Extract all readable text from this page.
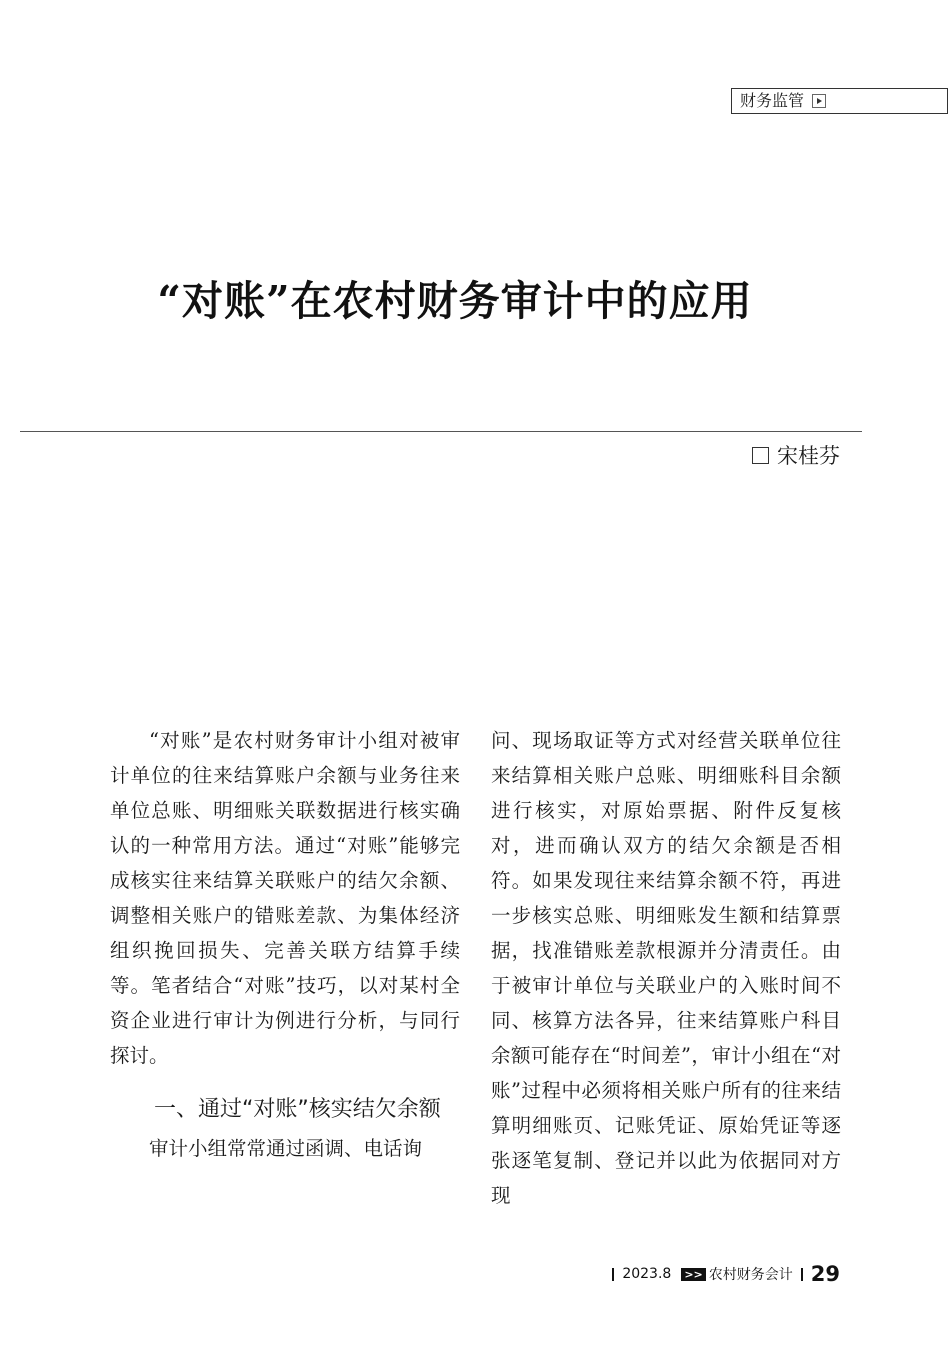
财务监管
“对账”在农村财务审计中的应用
宋桂芬

“对账”是农村财务审计小组对被审计单位的往来结算账户余额与业务往来单位总账、明细账关联数据进行核实确认的一种常用方法。通过“对账”能够完成核实往来结算关联账户的结欠余额、调整相关账户的错账差款、为集体经济组织挽回损失、完善关联方结算手续等。笔者结合“对账”技巧，以对某村全资企业进行审计为例进行分析，与同行探讨。

一、通过“对账”核实结欠余额

审计小组常常通过函调、电话询

问、现场取证等方式对经营关联单位往来结算相关账户总账、明细账科目余额进行核实，对原始票据、附件反复核对，进而确认双方的结欠余额是否相符。如果发现往来结算余额不符，再进一步核实总账、明细账发生额和结算票据，找准错账差款根源并分清责任。由于被审计单位与关联业户的入账时间不同、核算方法各异，往来结算账户科目余额可能存在“时间差”，审计小组在“对账”过程中必须将相关账户所有的往来结算明细账页、记账凭证、原始凭证等逐张逐笔复制、登记并以此为依据同对方现

2023.8 >> 农村财务会计 29
